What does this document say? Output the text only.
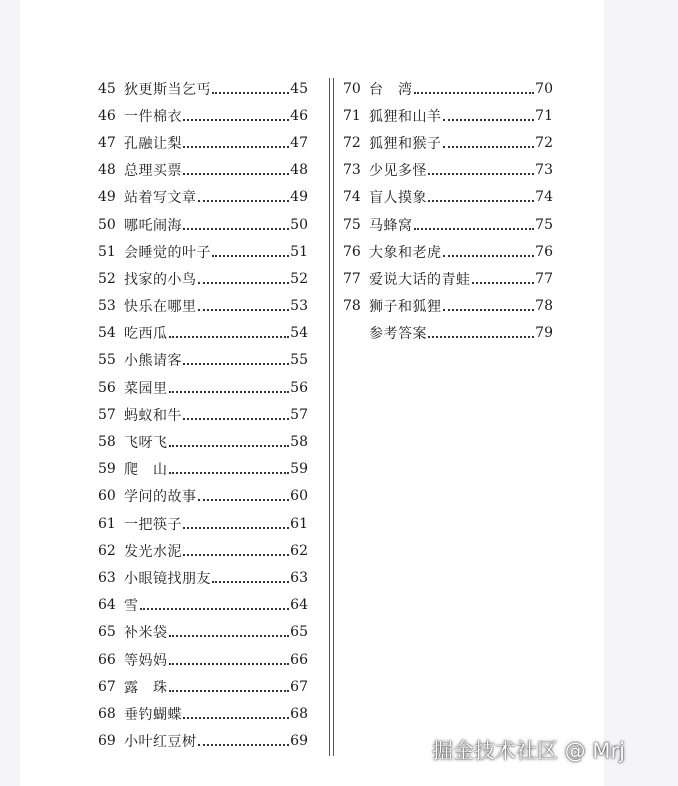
45 狄更斯当乞丐	45
46 一件棉衣	46
47 孔融让梨	47
48 总理买票	48
49 站着写文章	49
50 哪吒闹海	50
51 会睡觉的叶子	51
52 找家的小鸟	52
53 快乐在哪里	53
54 吃西瓜	54
55 小熊请客	55
56 菜园里	56
57 蚂蚁和牛	57
58 飞呀飞	58
59 爬　山	59
60 学问的故事	60
61 一把筷子	61
62 发光水泥	62
63 小眼镜找朋友	63
64 雪	64
65 补米袋	65
66 等妈妈	66
67 露　珠	67
68 垂钓蝴蝶	68
69 小叶红豆树	69
70 台　湾	70
71 狐狸和山羊	71
72 狐狸和猴子	72
73 少见多怪	73
74 盲人摸象	74
75 马蜂窝	75
76 大象和老虎	76
77 爱说大话的青蛙	77
78 狮子和狐狸	78
参考答案	79
掘金技术社区 @ Mrj
